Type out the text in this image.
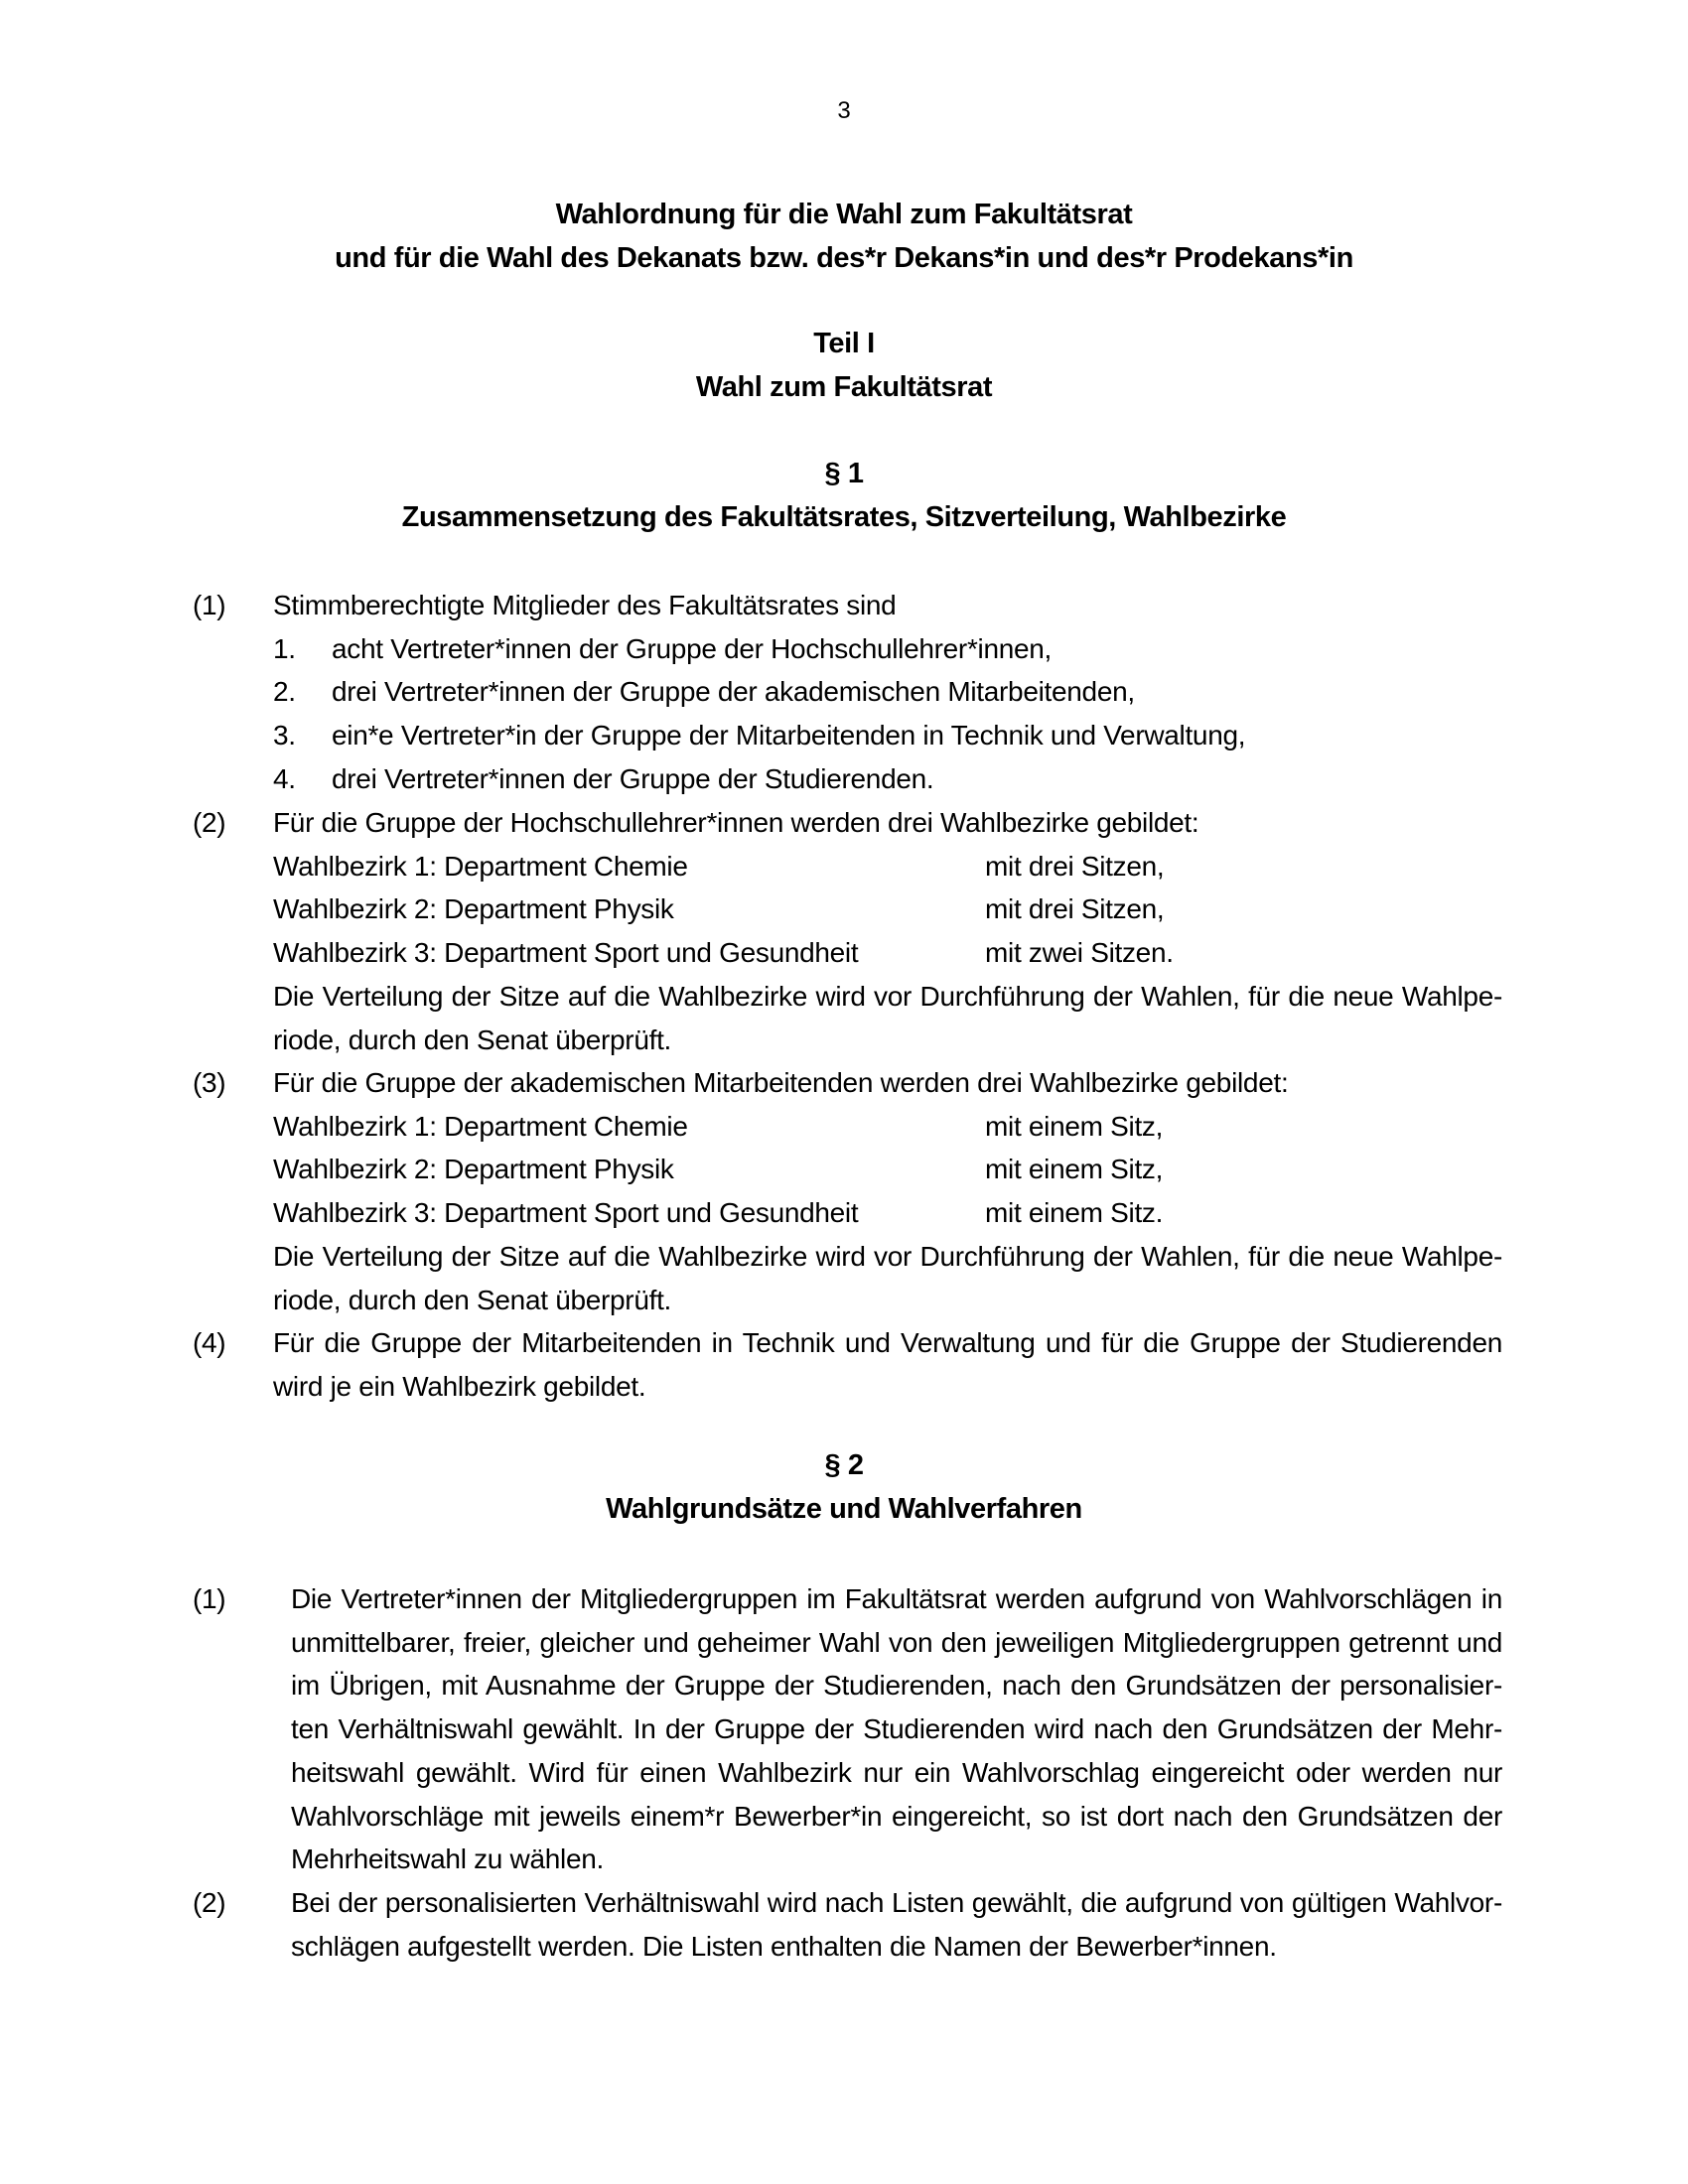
3
Wahlordnung für die Wahl zum Fakultätsrat
und für die Wahl des Dekanats bzw. des*r Dekans*in und des*r Prodekans*in
Teil I
Wahl zum Fakultätsrat
§ 1
Zusammensetzung des Fakultätsrates, Sitzverteilung, Wahlbezirke
(1) Stimmberechtigte Mitglieder des Fakultätsrates sind
1.	acht Vertreter*innen der Gruppe der Hochschullehrer*innen,
2.	drei Vertreter*innen der Gruppe der akademischen Mitarbeitenden,
3.	ein*e Vertreter*in der Gruppe der Mitarbeitenden in Technik und Verwaltung,
4.	drei Vertreter*innen der Gruppe der Studierenden.
(2) Für die Gruppe der Hochschullehrer*innen werden drei Wahlbezirke gebildet:
Wahlbezirk 1: Department Chemie	mit drei Sitzen,
Wahlbezirk 2: Department Physik	mit drei Sitzen,
Wahlbezirk 3: Department Sport und Gesundheit	mit zwei Sitzen.
Die Verteilung der Sitze auf die Wahlbezirke wird vor Durchführung der Wahlen, für die neue Wahlpe-riode, durch den Senat überprüft.
(3) Für die Gruppe der akademischen Mitarbeitenden werden drei Wahlbezirke gebildet:
Wahlbezirk 1: Department Chemie	mit einem Sitz,
Wahlbezirk 2: Department Physik	mit einem Sitz,
Wahlbezirk 3: Department Sport und Gesundheit	mit einem Sitz.
Die Verteilung der Sitze auf die Wahlbezirke wird vor Durchführung der Wahlen, für die neue Wahlpe-riode, durch den Senat überprüft.
(4) Für die Gruppe der Mitarbeitenden in Technik und Verwaltung und für die Gruppe der Studierenden wird je ein Wahlbezirk gebildet.
§ 2
Wahlgrundsätze und Wahlverfahren
(1) Die Vertreter*innen der Mitgliedergruppen im Fakultätsrat werden aufgrund von Wahlvorschlägen in unmittelbarer, freier, gleicher und geheimer Wahl von den jeweiligen Mitgliedergruppen getrennt und im Übrigen, mit Ausnahme der Gruppe der Studierenden, nach den Grundsätzen der personalisier-ten Verhältniswahl gewählt. In der Gruppe der Studierenden wird nach den Grundsätzen der Mehr-heitswahl gewählt. Wird für einen Wahlbezirk nur ein Wahlvorschlag eingereicht oder werden nur Wahlvorschläge mit jeweils einem*r Bewerber*in eingereicht, so ist dort nach den Grundsätzen der Mehrheitswahl zu wählen.
(2) Bei der personalisierten Verhältniswahl wird nach Listen gewählt, die aufgrund von gültigen Wahlvor-schlägen aufgestellt werden. Die Listen enthalten die Namen der Bewerber*innen.
